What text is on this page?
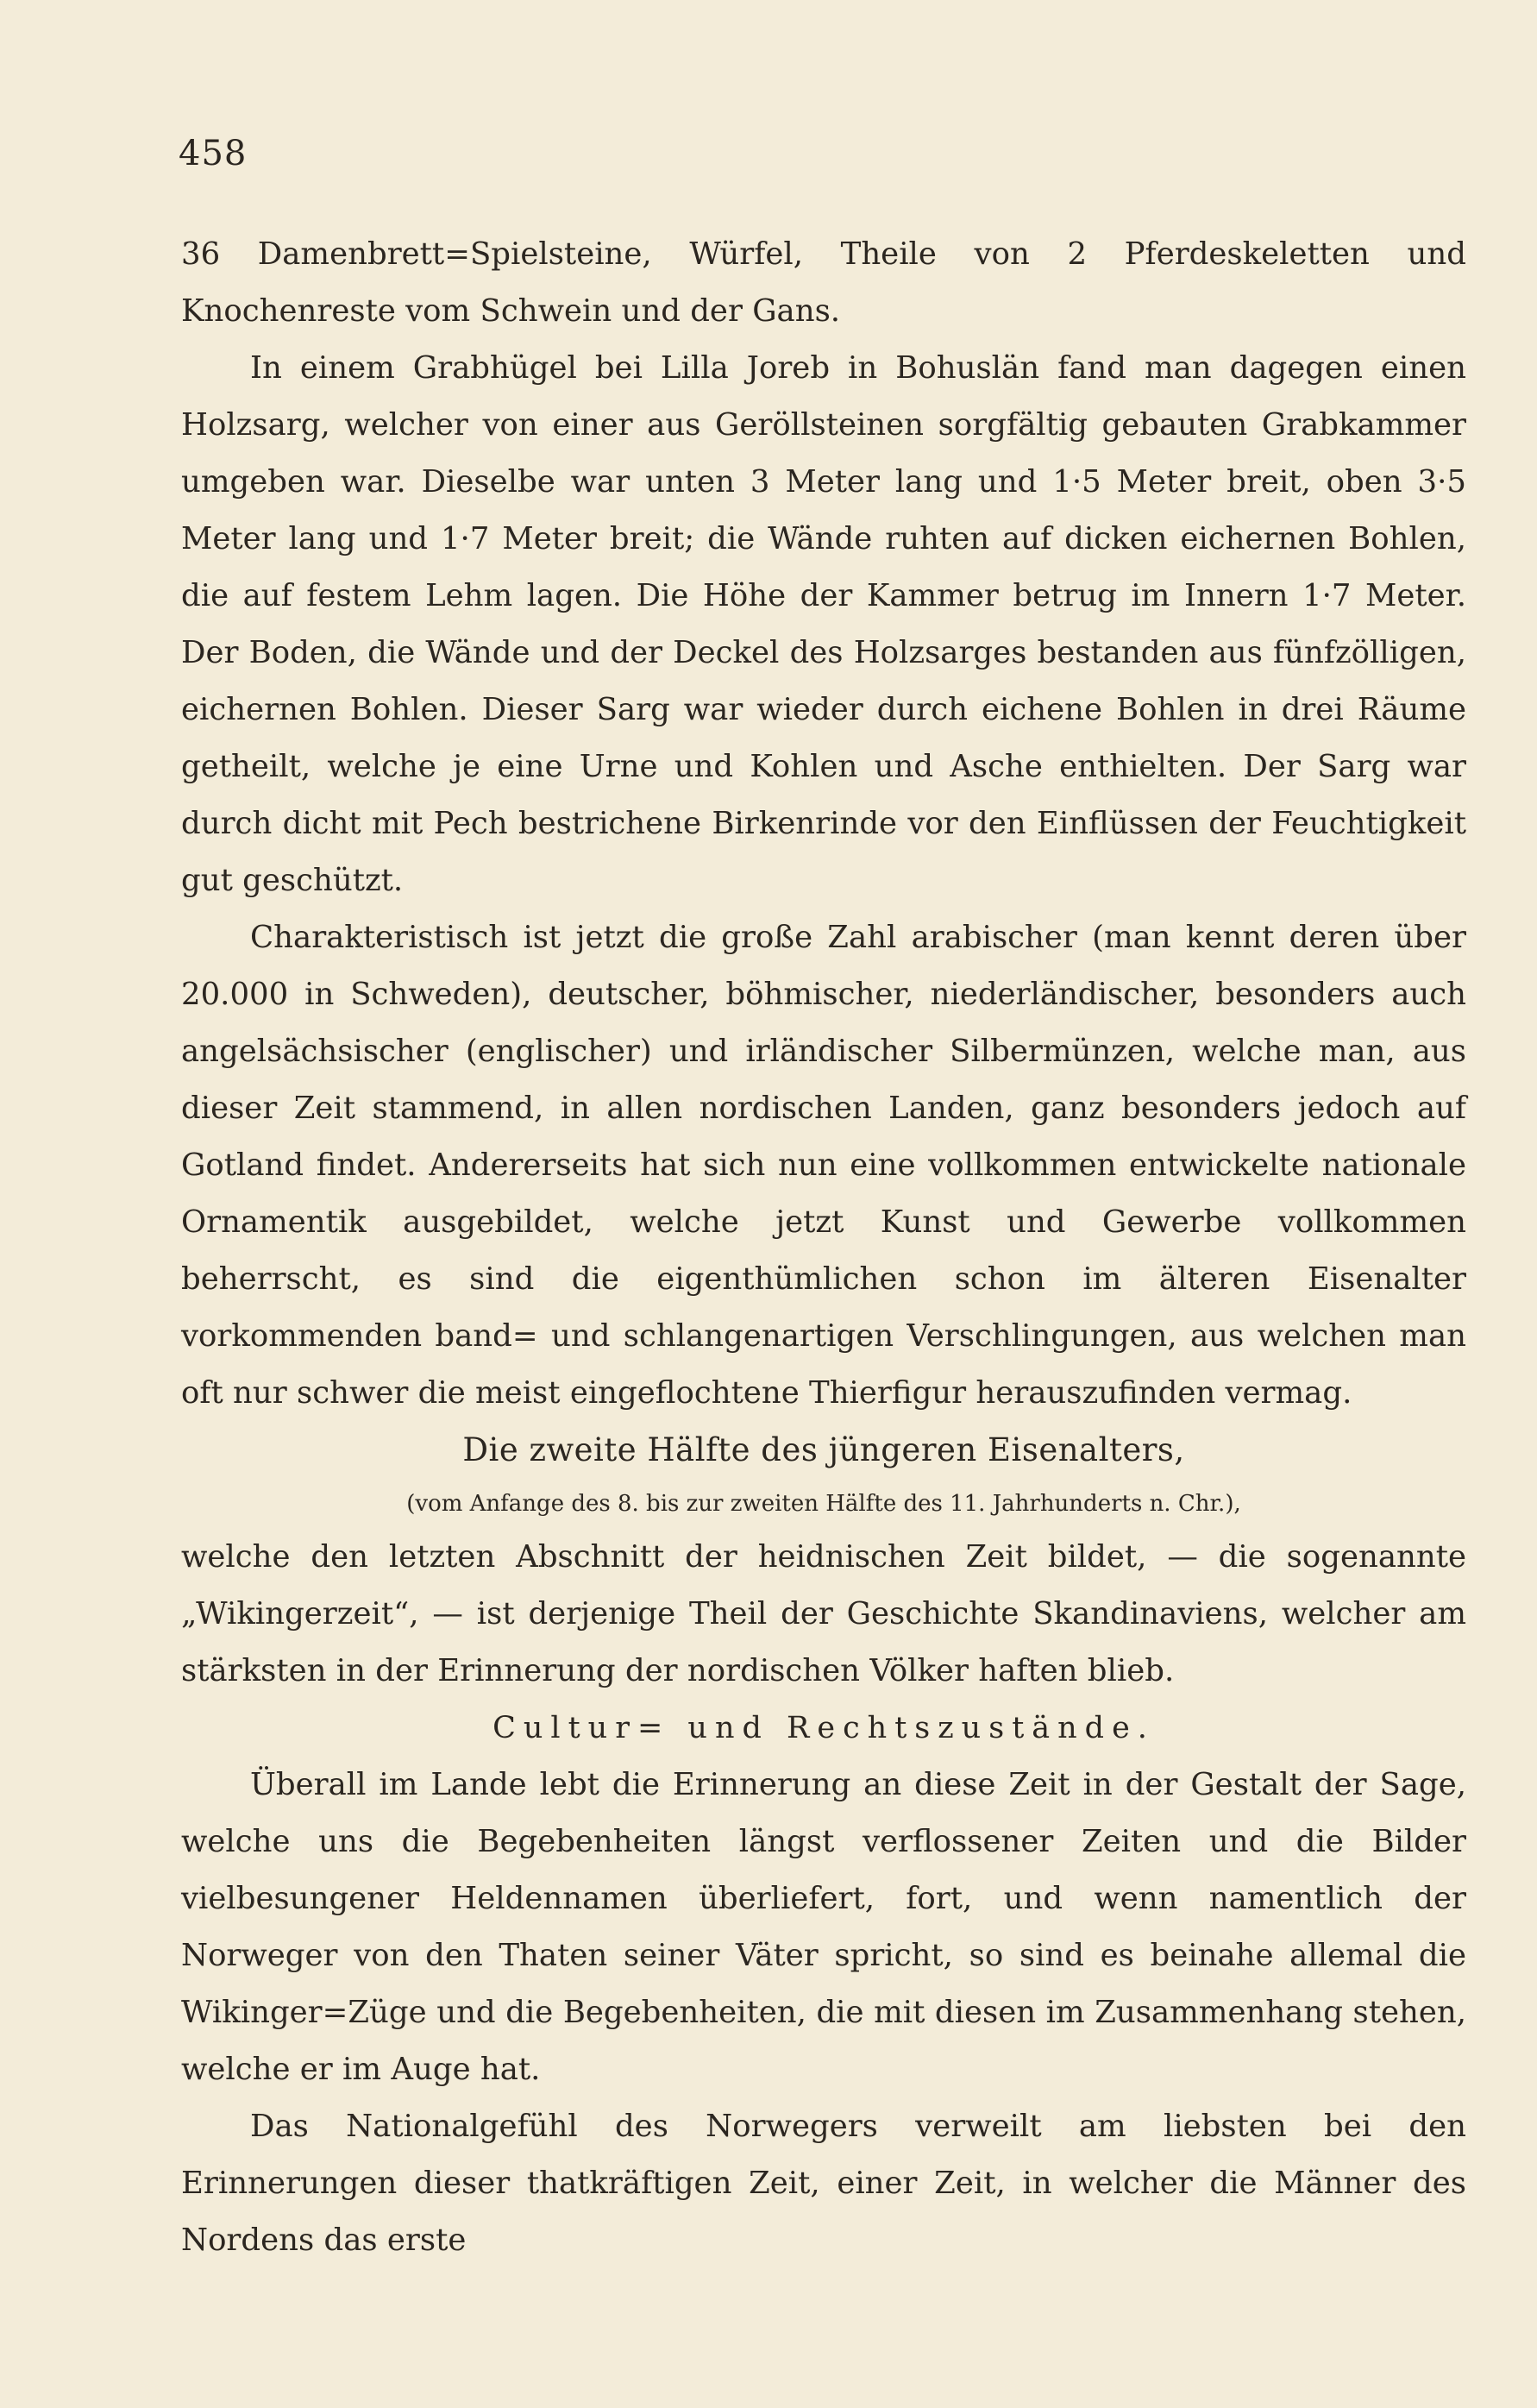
458

36 Damenbrett=Spielsteine, Würfel, Theile von 2 Pferdeskeletten und Knochenreste vom Schwein und der Gans.

In einem Grabhügel bei Lilla Joreb in Bohuslän fand man dagegen einen Holzsarg, welcher von einer aus Geröllsteinen sorgfältig gebauten Grabkammer umgeben war. Dieselbe war unten 3 Meter lang und 1·5 Meter breit, oben 3·5 Meter lang und 1·7 Meter breit; die Wände ruhten auf dicken eichernen Bohlen, die auf festem Lehm lagen. Die Höhe der Kammer betrug im Innern 1·7 Meter. Der Boden, die Wände und der Deckel des Holzsarges bestanden aus fünfzölligen, eichernen Bohlen. Dieser Sarg war wieder durch eichene Bohlen in drei Räume getheilt, welche je eine Urne und Kohlen und Asche enthielten. Der Sarg war durch dicht mit Pech bestrichene Birkenrinde vor den Einflüssen der Feuchtigkeit gut geschützt.

Charakteristisch ist jetzt die große Zahl arabischer (man kennt deren über 20.000 in Schweden), deutscher, böhmischer, niederländischer, besonders auch angelsächsischer (englischer) und irländischer Silbermünzen, welche man, aus dieser Zeit stammend, in allen nordischen Landen, ganz besonders jedoch auf Gotland findet. Andererseits hat sich nun eine vollkommen entwickelte nationale Ornamentik ausgebildet, welche jetzt Kunst und Gewerbe vollkommen beherrscht, es sind die eigenthümlichen schon im älteren Eisenalter vorkommenden band= und schlangenartigen Verschlingungen, aus welchen man oft nur schwer die meist eingeflochtene Thierfigur herauszufinden vermag.

Die zweite Hälfte des jüngeren Eisenalters,

(vom Anfange des 8. bis zur zweiten Hälfte des 11. Jahrhunderts n. Chr.),

welche den letzten Abschnitt der heidnischen Zeit bildet, — die sogenannte „Wikingerzeit“, — ist derjenige Theil der Geschichte Skandinaviens, welcher am stärksten in der Erinnerung der nordischen Völker haften blieb.

Cultur= und Rechtszustände.

Überall im Lande lebt die Erinnerung an diese Zeit in der Gestalt der Sage, welche uns die Begebenheiten längst verflossener Zeiten und die Bilder vielbesungener Heldennamen überliefert, fort, und wenn namentlich der Norweger von den Thaten seiner Väter spricht, so sind es beinahe allemal die Wikinger=Züge und die Begebenheiten, die mit diesen im Zusammenhang stehen, welche er im Auge hat.

Das Nationalgefühl des Norwegers verweilt am liebsten bei den Erinnerungen dieser thatkräftigen Zeit, einer Zeit, in welcher die Männer des Nordens das erste
